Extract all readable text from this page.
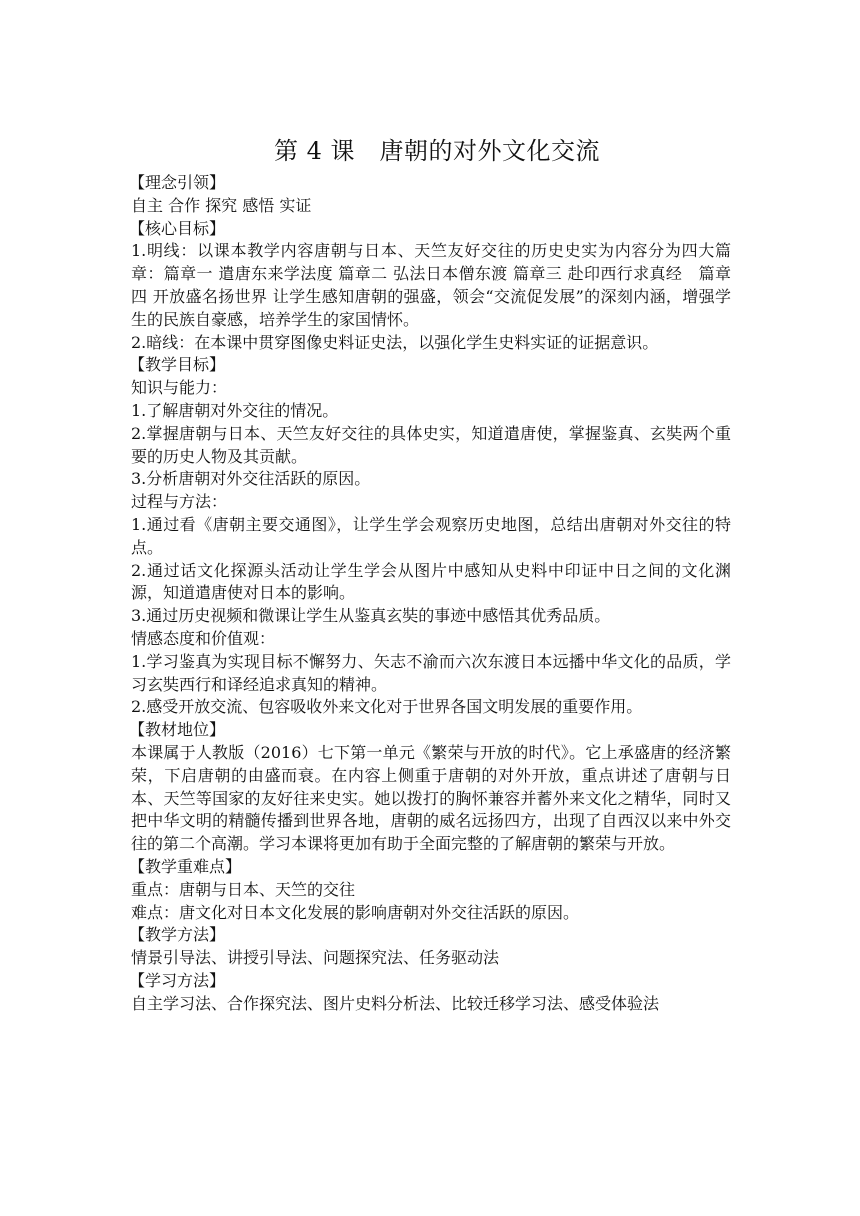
第 4 课　唐朝的对外文化交流

【理念引领】

自主 合作 探究 感悟 实证

【核心目标】

1.明线：以课本教学内容唐朝与日本、天竺友好交往的历史史实为内容分为四大篇章：篇章一 遣唐东来学法度 篇章二 弘法日本僧东渡 篇章三 赴印西行求真经　篇章四 开放盛名扬世界 让学生感知唐朝的强盛，领会“交流促发展”的深刻内涵，增强学生的民族自豪感，培养学生的家国情怀。

2.暗线：在本课中贯穿图像史料证史法，以强化学生史料实证的证据意识。

【教学目标】

知识与能力：

1.了解唐朝对外交往的情况。

2.掌握唐朝与日本、天竺友好交往的具体史实，知道遣唐使，掌握鉴真、玄奘两个重要的历史人物及其贡献。

3.分析唐朝对外交往活跃的原因。

过程与方法：

1.通过看《唐朝主要交通图》，让学生学会观察历史地图，总结出唐朝对外交往的特点。

2.通过话文化探源头活动让学生学会从图片中感知从史料中印证中日之间的文化渊源，知道遣唐使对日本的影响。

3.通过历史视频和微课让学生从鉴真玄奘的事迹中感悟其优秀品质。

情感态度和价值观：

1.学习鉴真为实现目标不懈努力、矢志不渝而六次东渡日本远播中华文化的品质，学习玄奘西行和译经追求真知的精神。

2.感受开放交流、包容吸收外来文化对于世界各国文明发展的重要作用。

【教材地位】

本课属于人教版（2016）七下第一单元《繁荣与开放的时代》。它上承盛唐的经济繁荣，下启唐朝的由盛而衰。在内容上侧重于唐朝的对外开放，重点讲述了唐朝与日本、天竺等国家的友好往来史实。她以拨打的胸怀兼容并蓄外来文化之精华，同时又把中华文明的精髓传播到世界各地，唐朝的威名远扬四方，出现了自西汉以来中外交往的第二个高潮。学习本课将更加有助于全面完整的了解唐朝的繁荣与开放。

【教学重难点】

重点：唐朝与日本、天竺的交往

难点：唐文化对日本文化发展的影响唐朝对外交往活跃的原因。

【教学方法】

情景引导法、讲授引导法、问题探究法、任务驱动法

【学习方法】

自主学习法、合作探究法、图片史料分析法、比较迁移学习法、感受体验法
